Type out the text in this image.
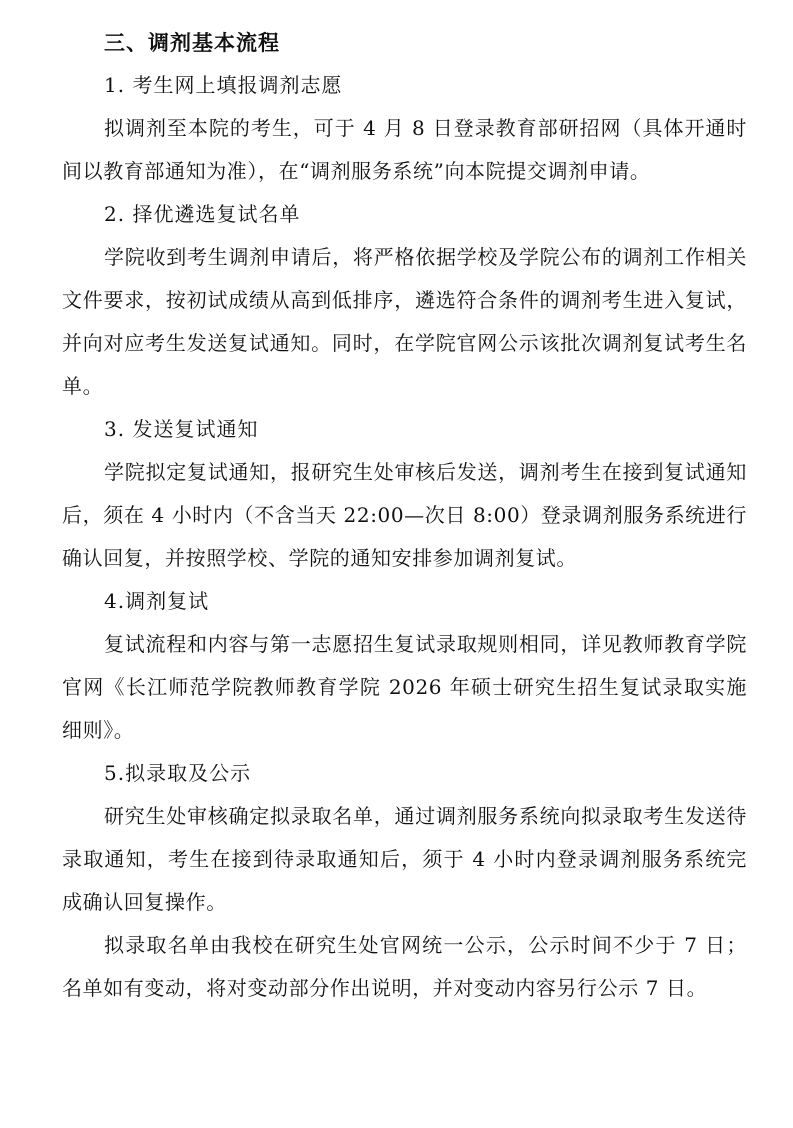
三、调剂基本流程

1. 考生网上填报调剂志愿

拟调剂至本院的考生，可于 4 月 8 日登录教育部研招网（具体开通时间以教育部通知为准），在“调剂服务系统”向本院提交调剂申请。

2. 择优遴选复试名单

学院收到考生调剂申请后，将严格依据学校及学院公布的调剂工作相关文件要求，按初试成绩从高到低排序，遴选符合条件的调剂考生进入复试，并向对应考生发送复试通知。同时，在学院官网公示该批次调剂复试考生名单。

3. 发送复试通知

学院拟定复试通知，报研究生处审核后发送，调剂考生在接到复试通知后，须在 4 小时内（不含当天 22:00—次日 8:00）登录调剂服务系统进行确认回复，并按照学校、学院的通知安排参加调剂复试。

4.调剂复试

复试流程和内容与第一志愿招生复试录取规则相同，详见教师教育学院官网《长江师范学院教师教育学院 2026 年硕士研究生招生复试录取实施细则》。

5.拟录取及公示

研究生处审核确定拟录取名单，通过调剂服务系统向拟录取考生发送待录取通知，考生在接到待录取通知后，须于 4 小时内登录调剂服务系统完成确认回复操作。

拟录取名单由我校在研究生处官网统一公示，公示时间不少于 7 日；名单如有变动，将对变动部分作出说明，并对变动内容另行公示 7 日。
